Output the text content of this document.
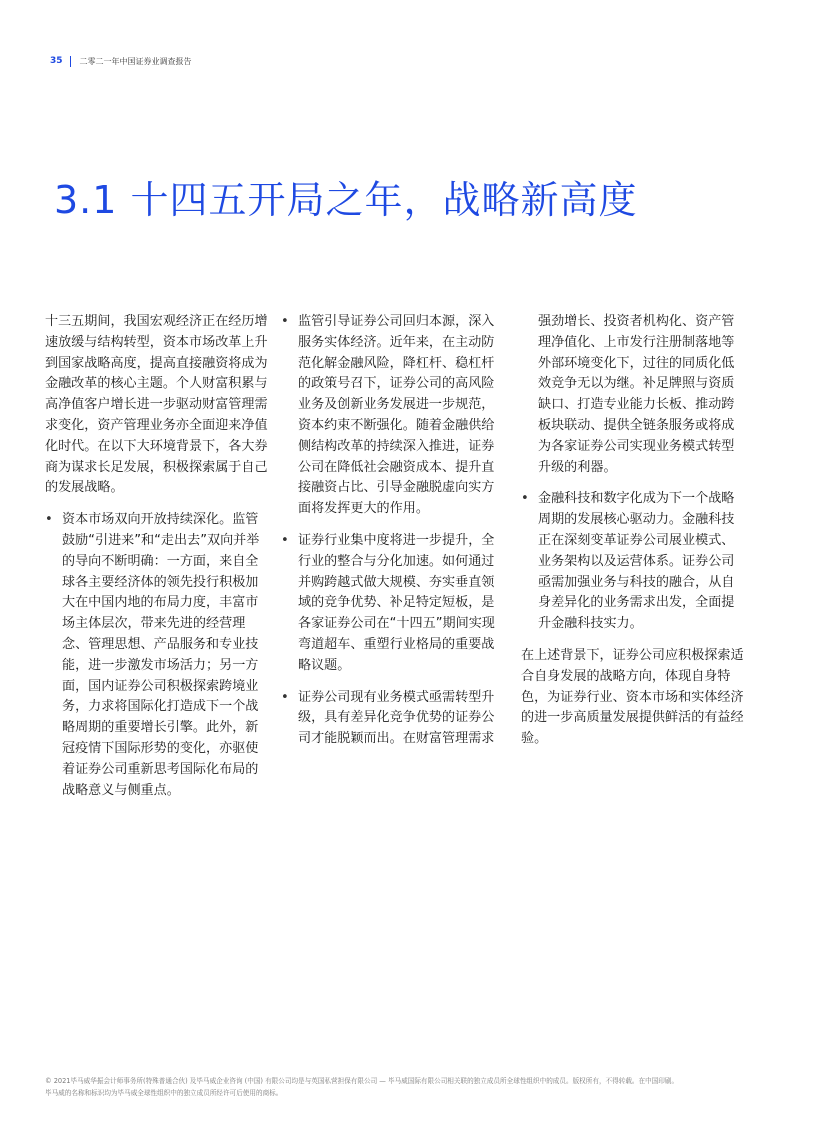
35 二零二一年中国证券业调查报告
3.1 十四五开局之年，战略新高度

十三五期间，我国宏观经济正在经历增速放缓与结构转型，资本市场改革上升到国家战略高度，提高直接融资将成为金融改革的核心主题。个人财富积累与高净值客户增长进一步驱动财富管理需求变化，资产管理业务亦全面迎来净值化时代。在以下大环境背景下，各大券商为谋求长足发展，积极探索属于自己的发展战略。

• 资本市场双向开放持续深化。监管鼓励“引进来”和“走出去”双向并举的导向不断明确：一方面，来自全球各主要经济体的领先投行积极加大在中国内地的布局力度，丰富市场主体层次，带来先进的经营理念、管理思想、产品服务和专业技能，进一步激发市场活力；另一方面，国内证券公司积极探索跨境业务，力求将国际化打造成下一个战略周期的重要增长引擎。此外，新冠疫情下国际形势的变化，亦驱使着证券公司重新思考国际化布局的战略意义与侧重点。
• 监管引导证券公司回归本源，深入服务实体经济。近年来，在主动防范化解金融风险，降杠杆、稳杠杆的政策号召下，证券公司的高风险业务及创新业务发展进一步规范，资本约束不断强化。随着金融供给侧结构改革的持续深入推进，证券公司在降低社会融资成本、提升直接融资占比、引导金融脱虚向实方面将发挥更大的作用。
• 证券行业集中度将进一步提升，全行业的整合与分化加速。如何通过并购跨越式做大规模、夯实垂直领域的竞争优势、补足特定短板，是各家证券公司在“十四五”期间实现弯道超车、重塑行业格局的重要战略议题。
• 证券公司现有业务模式亟需转型升级，具有差异化竞争优势的证券公司才能脱颖而出。在财富管理需求

强劲增长、投资者机构化、资产管理净值化、上市发行注册制落地等外部环境变化下，过往的同质化低效竞争无以为继。补足牌照与资质缺口、打造专业能力长板、推动跨板块联动、提供全链条服务或将成为各家证券公司实现业务模式转型升级的利器。

• 金融科技和数字化成为下一个战略周期的发展核心驱动力。金融科技正在深刻变革证券公司展业模式、业务架构以及运营体系。证券公司亟需加强业务与科技的融合，从自身差异化的业务需求出发，全面提升金融科技实力。

在上述背景下，证券公司应积极探索适合自身发展的战略方向，体现自身特色，为证券行业、资本市场和实体经济的进一步高质量发展提供鲜活的有益经验。

© 2021毕马威华振会计师事务所(特殊普通合伙) 及毕马威企业咨询 (中国) 有限公司均是与英国私营担保有限公司 — 毕马威国际有限公司相关联的独立成员所全球性组织中的成员。版权所有，不得转载。在中国印刷。
毕马威的名称和标识均为毕马威全球性组织中的独立成员所经许可后使用的商标。
